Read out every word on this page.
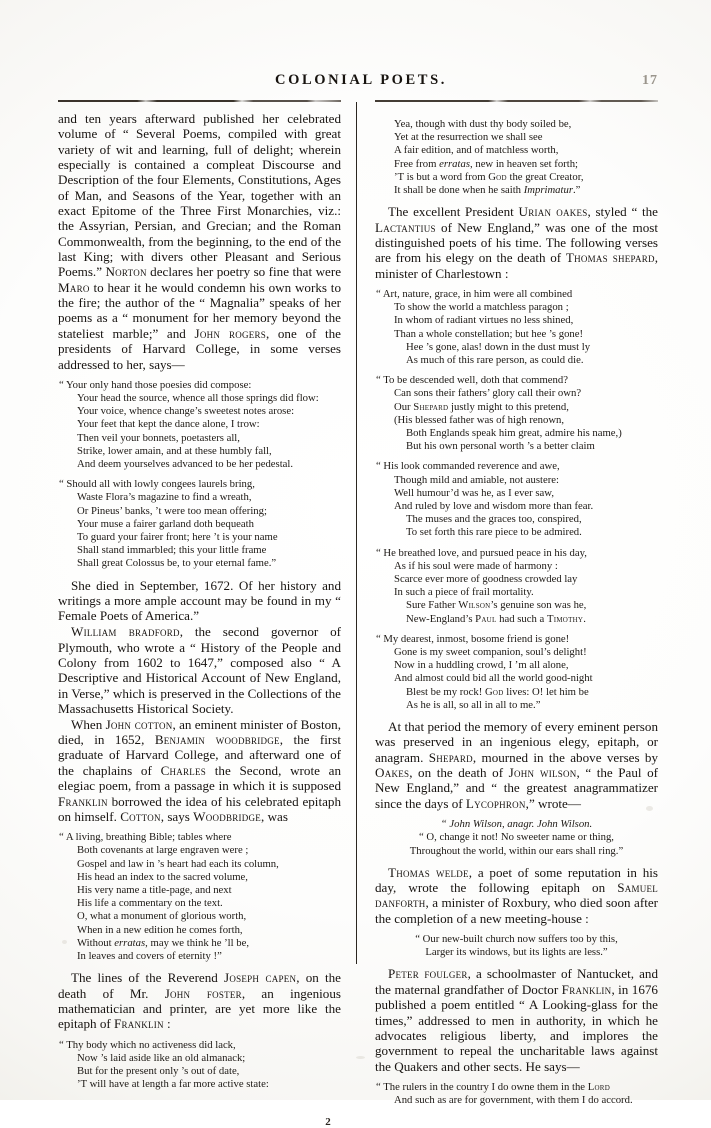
COLONIAL POETS.	17

and ten years afterward published her celebrated volume of “ Several Poems, compiled with great variety of wit and learning, full of delight; wherein especially is contained a compleat Discourse and Description of the four Elements, Constitutions, Ages of Man, and Seasons of the Year, together with an exact Epitome of the Three First Monarchies, viz.: the Assyrian, Persian, and Grecian; and the Roman Commonwealth, from the beginning, to the end of the last King; with divers other Pleasant and Serious Poems.” Norton declares her poetry so fine that were Maro to hear it he would condemn his own works to the fire; the author of the “ Magnalia” speaks of her poems as a “ monument for her memory beyond the stateliest marble;” and John rogers, one of the presidents of Harvard College, in some verses addressed to her, says—

“ Your only hand those poesies did compose:
Your head the source, whence all those springs did flow:
Your voice, whence change’s sweetest notes arose:
Your feet that kept the dance alone, I trow:
Then veil your bonnets, poetasters all,
Strike, lower amain, and at these humbly fall,
And deem yourselves advanced to be her pedestal.
“ Should all with lowly congees laurels bring,
Waste Flora’s magazine to find a wreath,
Or Pineus’ banks, ’t were too mean offering;
Your muse a fairer garland doth bequeath
To guard your fairer front; here ’t is your name
Shall stand immarbled; this your little frame
Shall great Colossus be, to your eternal fame.”

She died in September, 1672. Of her history and writings a more ample account may be found in my “ Female Poets of America.”

William bradford, the second governor of Plymouth, who wrote a “ History of the People and Colony from 1602 to 1647,” composed also “ A Descriptive and Historical Account of New England, in Verse,” which is preserved in the Collections of the Massachusetts Historical Society.

When John cotton, an eminent minister of Boston, died, in 1652, Benjamin woodbridge, the first graduate of Harvard College, and afterward one of the chaplains of Charles the Second, wrote an elegiac poem, from a passage in which it is supposed Franklin borrowed the idea of his celebrated epitaph on himself. Cotton, says Woodbridge, was

“ A living, breathing Bible; tables where
Both covenants at large engraven were ;
Gospel and law in ’s heart had each its column,
His head an index to the sacred volume,
His very name a title-page, and next
His life a commentary on the text.
O, what a monument of glorious worth,
When in a new edition he comes forth,
Without erratas, may we think he ’ll be,
In leaves and covers of eternity !”

The lines of the Reverend Joseph capen, on the death of Mr. John foster, an ingenious mathematician and printer, are yet more like the epitaph of Franklin :

“ Thy body which no activeness did lack,
Now ’s laid aside like an old almanack;
But for the present only ’s out of date,
’T will have at length a far more active state:
Yea, though with dust thy body soiled be,
Yet at the resurrection we shall see
A fair edition, and of matchless worth,
Free from erratas, new in heaven set forth;
’T is but a word from God the great Creator,
It shall be done when he saith Imprimatur.”

The excellent President Urian oakes, styled “ the Lactantius of New England,” was one of the most distinguished poets of his time. The following verses are from his elegy on the death of Thomas shepard, minister of Charlestown :

“ Art, nature, grace, in him were all combined
To show the world a matchless paragon ;
In whom of radiant virtues no less shined,
Than a whole constellation; but hee ’s gone!
Hee ’s gone, alas! down in the dust must ly
As much of this rare person, as could die.
“ To be descended well, doth that commend?
Can sons their fathers’ glory call their own?
Our Shepard justly might to this pretend,
(His blessed father was of high renown,
Both Englands speak him great, admire his name,)
But his own personal worth ’s a better claim
“ His look commanded reverence and awe,
Though mild and amiable, not austere:
Well humour’d was he, as I ever saw,
And ruled by love and wisdom more than fear.
The muses and the graces too, conspired,
To set forth this rare piece to be admired.
“ He breathed love, and pursued peace in his day,
As if his soul were made of harmony :
Scarce ever more of goodness crowded lay
In such a piece of frail mortality.
Sure Father Wilson’s genuine son was he,
New-England’s Paul had such a Timothy.
“ My dearest, inmost, bosome friend is gone!
Gone is my sweet companion, soul’s delight!
Now in a huddling crowd, I ’m all alone,
And almost could bid all the world good-night
Blest be my rock! God lives: O! let him be
As he is all, so all in all to me.”

At that period the memory of every eminent person was preserved in an ingenious elegy, epitaph, or anagram. Shepard, mourned in the above verses by Oakes, on the death of John wilson, “ the Paul of New England,” and “ the greatest anagrammatizer since the days of Lycophron,” wrote—

“ John Wilson, anagr. John Wilson.
“ O, change it not! No sweeter name or thing,
Throughout the world, within our ears shall ring.”

Thomas welde, a poet of some reputation in his day, wrote the following epitaph on Samuel danforth, a minister of Roxbury, who died soon after the completion of a new meeting-house :

“ Our new-built church now suffers too by this,
Larger its windows, but its lights are less.”

Peter foulger, a schoolmaster of Nantucket, and the maternal grandfather of Doctor Franklin, in 1676 published a poem entitled “ A Looking-glass for the times,” addressed to men in authority, in which he advocates religious liberty, and implores the government to repeal the uncharitable laws against the Quakers and other sects. He says—

“ The rulers in the country I do owne them in the Lord
And such as are for government, with them I do accord.
2
